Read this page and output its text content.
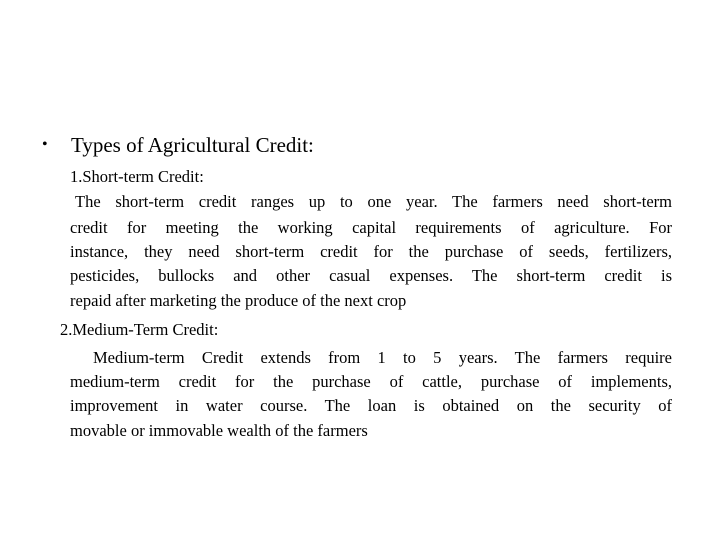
• Types of Agricultural Credit:
1.Short-term Credit:
The short-term credit ranges up to one year. The farmers need short-term
credit for meeting the working capital requirements of agriculture. For
instance, they need short-term credit for the purchase of seeds, fertilizers,
pesticides, bullocks and other casual expenses. The short-term credit is
repaid after marketing the produce of the next crop
2.Medium-Term Credit:
Medium-term Credit extends from 1 to 5 years. The farmers require
medium-term credit for the purchase of cattle, purchase of implements,
improvement in water course. The loan is obtained on the security of
movable or immovable wealth of the farmers
